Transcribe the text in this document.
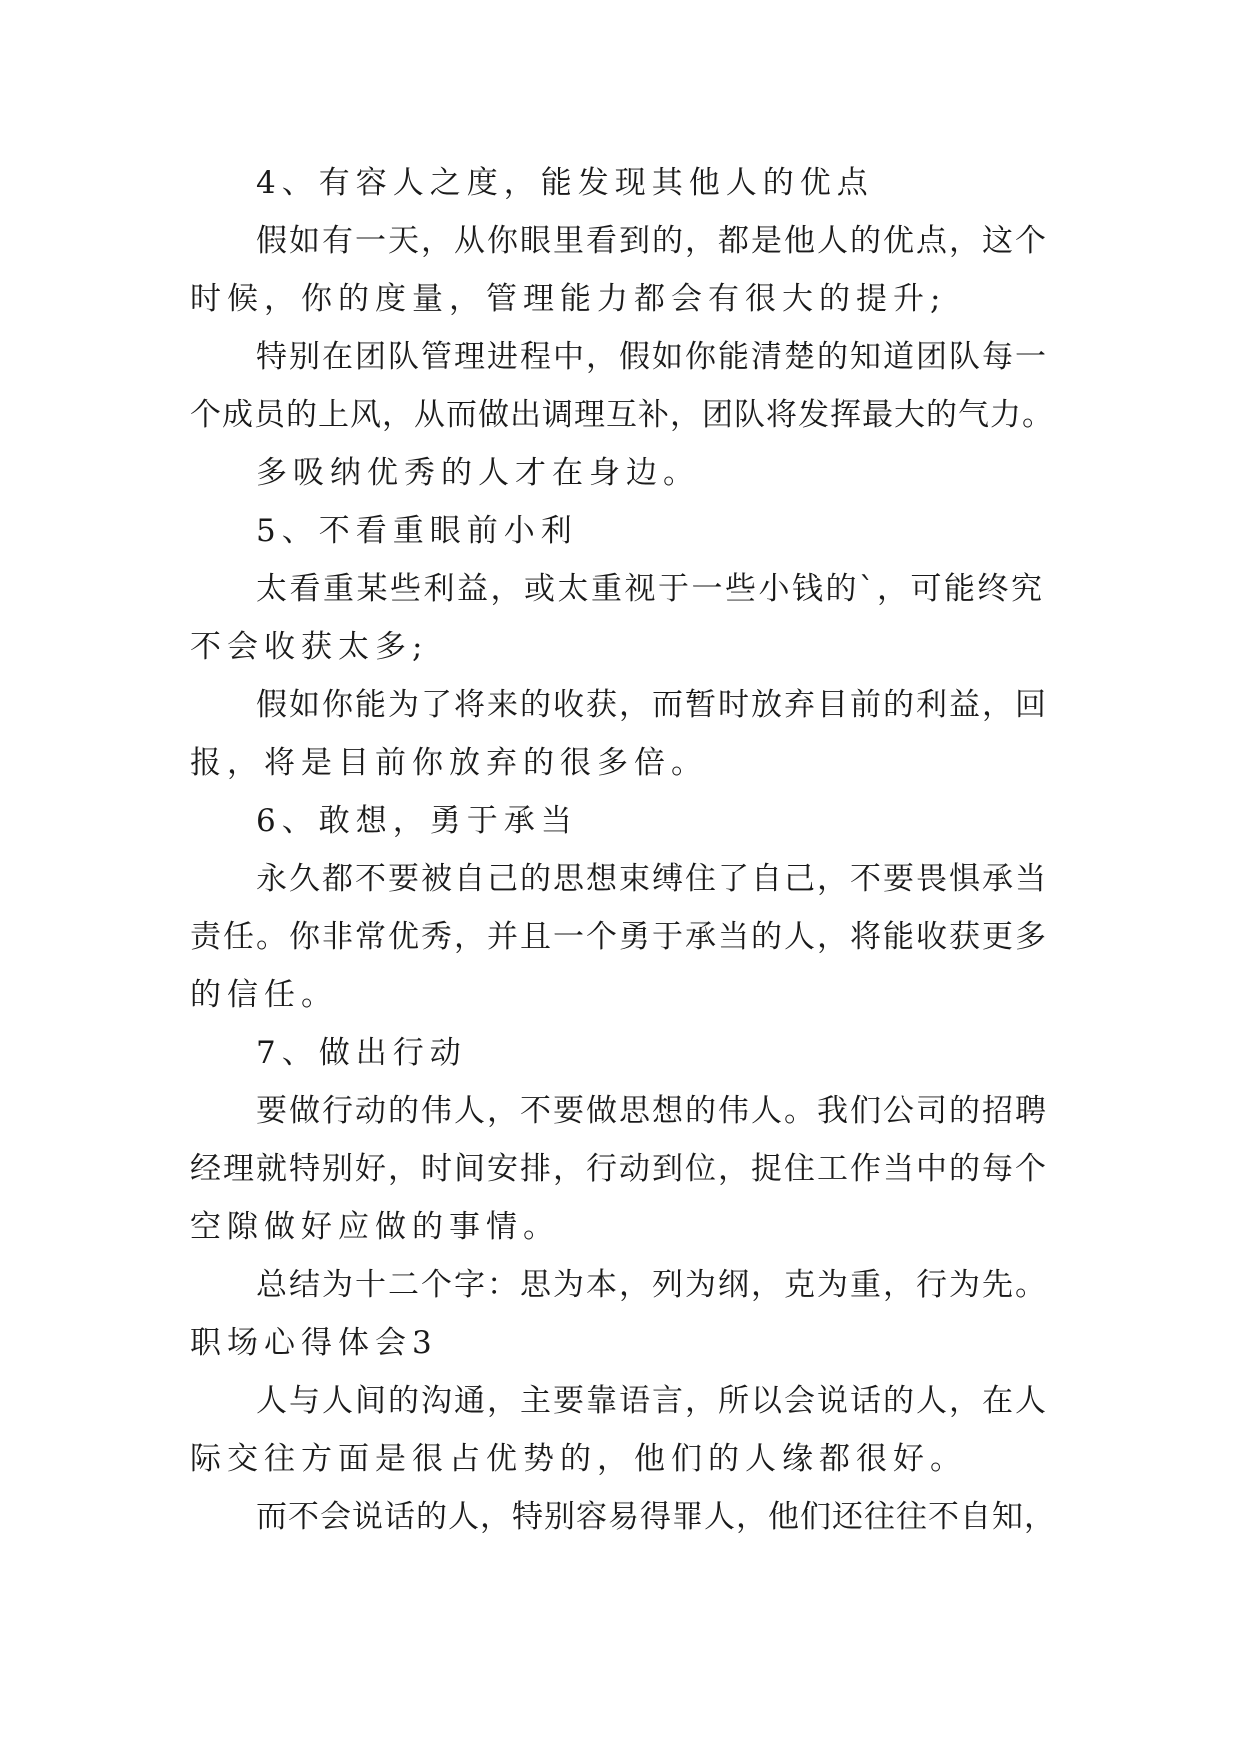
4、有容人之度，能发现其他人的优点
假如有一天，从你眼里看到的，都是他人的优点，这个
时候，你的度量，管理能力都会有很大的提升;
特别在团队管理进程中，假如你能清楚的知道团队每一
个成员的上风，从而做出调理互补，团队将发挥最大的气力。
多吸纳优秀的人才在身边。
5、不看重眼前小利
太看重某些利益，或太重视于一些小钱的`，可能终究
不会收获太多;
假如你能为了将来的收获，而暂时放弃目前的利益，回
报，将是目前你放弃的很多倍。
6、敢想，勇于承当
永久都不要被自己的思想束缚住了自己，不要畏惧承当
责任。你非常优秀，并且一个勇于承当的人，将能收获更多
的信任。
7、做出行动
要做行动的伟人，不要做思想的伟人。我们公司的招聘
经理就特别好，时间安排，行动到位，捉住工作当中的每个
空隙做好应做的事情。
总结为十二个字：思为本，列为纲，克为重，行为先。
职场心得体会3
人与人间的沟通，主要靠语言，所以会说话的人，在人
际交往方面是很占优势的，他们的人缘都很好。
而不会说话的人，特别容易得罪人，他们还往往不自知，
